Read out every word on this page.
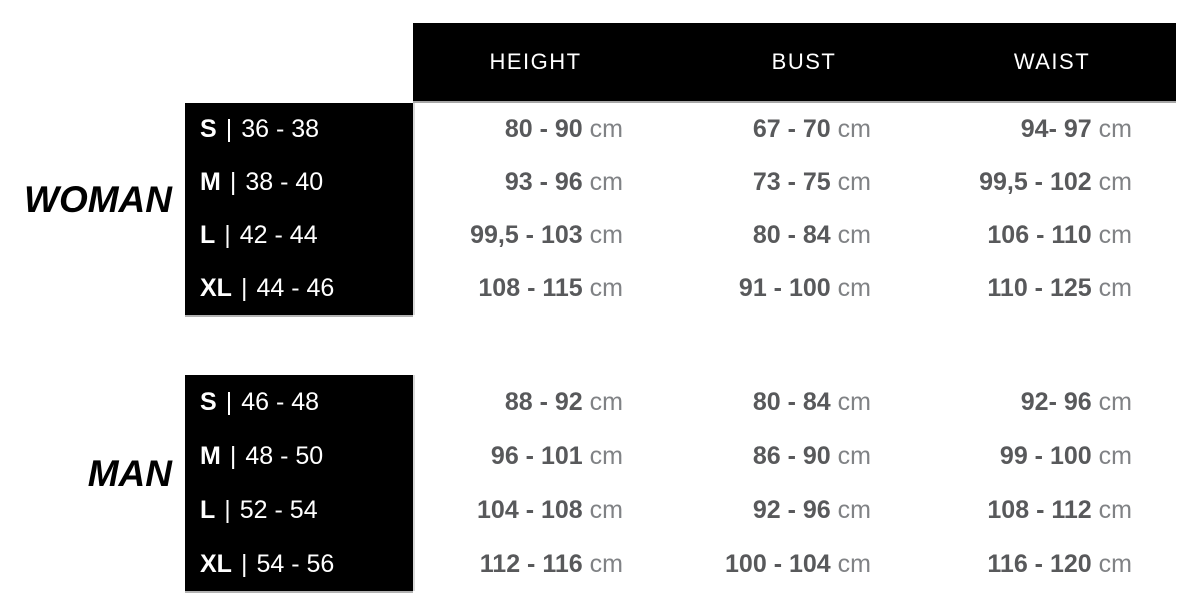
HEIGHT	BUST	WAIST
WOMAN
S | 36 - 38
M | 38 - 40
L | 42 - 44
XL | 44 - 46
80 - 90 cm
93 - 96 cm
99,5 - 103 cm
108 - 115 cm
67 - 70 cm
73 - 75 cm
80 - 84 cm
91 - 100 cm
94- 97 cm
99,5 - 102 cm
106 - 110 cm
110 - 125 cm
MAN
S | 46 - 48
M | 48 - 50
L | 52 - 54
XL | 54 - 56
88 - 92 cm
96 - 101 cm
104 - 108 cm
112 - 116 cm
80 - 84 cm
86 - 90 cm
92 - 96 cm
100 - 104 cm
92- 96 cm
99 - 100 cm
108 - 112 cm
116 - 120 cm
